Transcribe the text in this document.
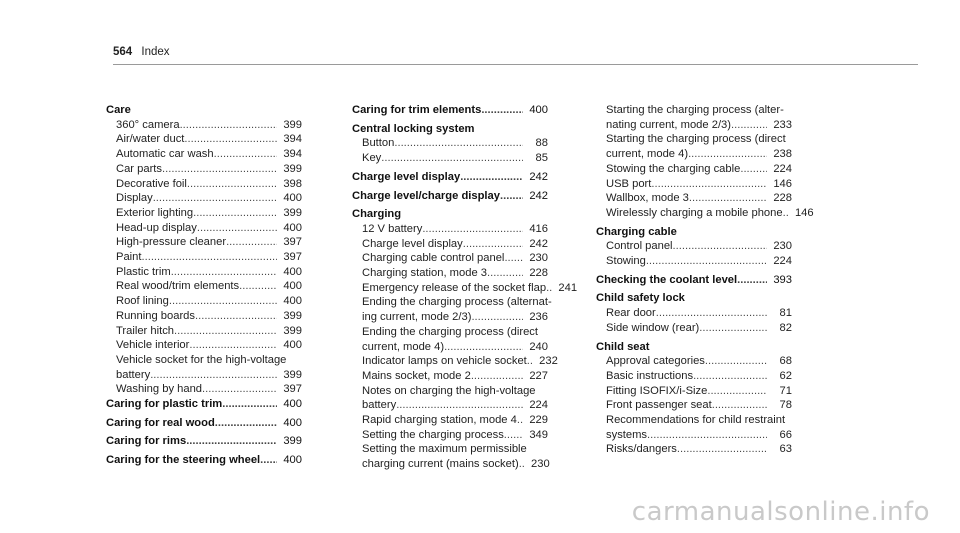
564 Index
Care
360° camera .....	399
Air/water duct .....	394
Automatic car wash .....	394
Car parts .....	399
Decorative foil .....	398
Display .....	400
Exterior lighting .....	399
Head-up display .....	400
High-pressure cleaner .....	397
Paint .....	397
Plastic trim .....	400
Real wood/trim elements .....	400
Roof lining .....	400
Running boards .....	399
Trailer hitch .....	399
Vehicle interior .....	400
Vehicle socket for the high-voltage
battery .....	399
Washing by hand .....	397
Caring for plastic trim .....	400
Caring for real wood .....	400
Caring for rims .....	399
Caring for the steering wheel .....	400
Caring for trim elements .....	400
Central locking system
Button .....	88
Key .....	85
Charge level display .....	242
Charge level/charge display .....	242
Charging
12 V battery .....	416
Charge level display .....	242
Charging cable control panel .....	230
Charging station, mode 3 .....	228
Emergency release of the socket flap .....	241
Ending the charging process (alternat-
ing current, mode 2/3) .....	236
Ending the charging process (direct
current, mode 4) .....	240
Indicator lamps on vehicle socket .....	232
Mains socket, mode 2 .....	227
Notes on charging the high-voltage
battery .....	224
Rapid charging station, mode 4 .....	229
Setting the charging process .....	349
Setting the maximum permissible
charging current (mains socket) .....	230
Starting the charging process (alter-
nating current, mode 2/3) .....	233
Starting the charging process (direct
current, mode 4) .....	238
Stowing the charging cable .....	224
USB port .....	146
Wallbox, mode 3 .....	228
Wirelessly charging a mobile phone .....	146
Charging cable
Control panel .....	230
Stowing .....	224
Checking the coolant level .....	393
Child safety lock
Rear door .....	81
Side window (rear) .....	82
Child seat
Approval categories .....	68
Basic instructions .....	62
Fitting ISOFIX/i-Size .....	71
Front passenger seat .....	78
Recommendations for child restraint
systems .....	66
Risks/dangers .....	63
carmanualsonline.info
